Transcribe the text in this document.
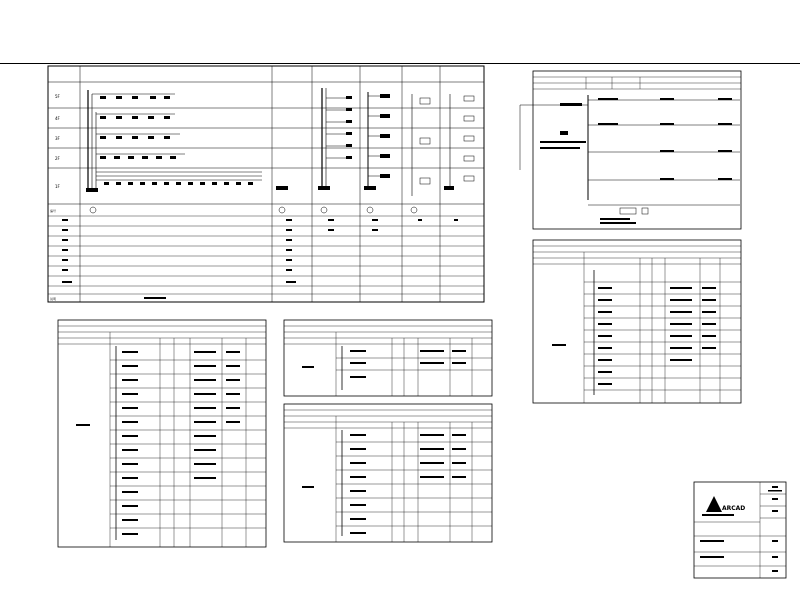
5F
4F
3F
2F
1F
编号
说明
ARCAD
